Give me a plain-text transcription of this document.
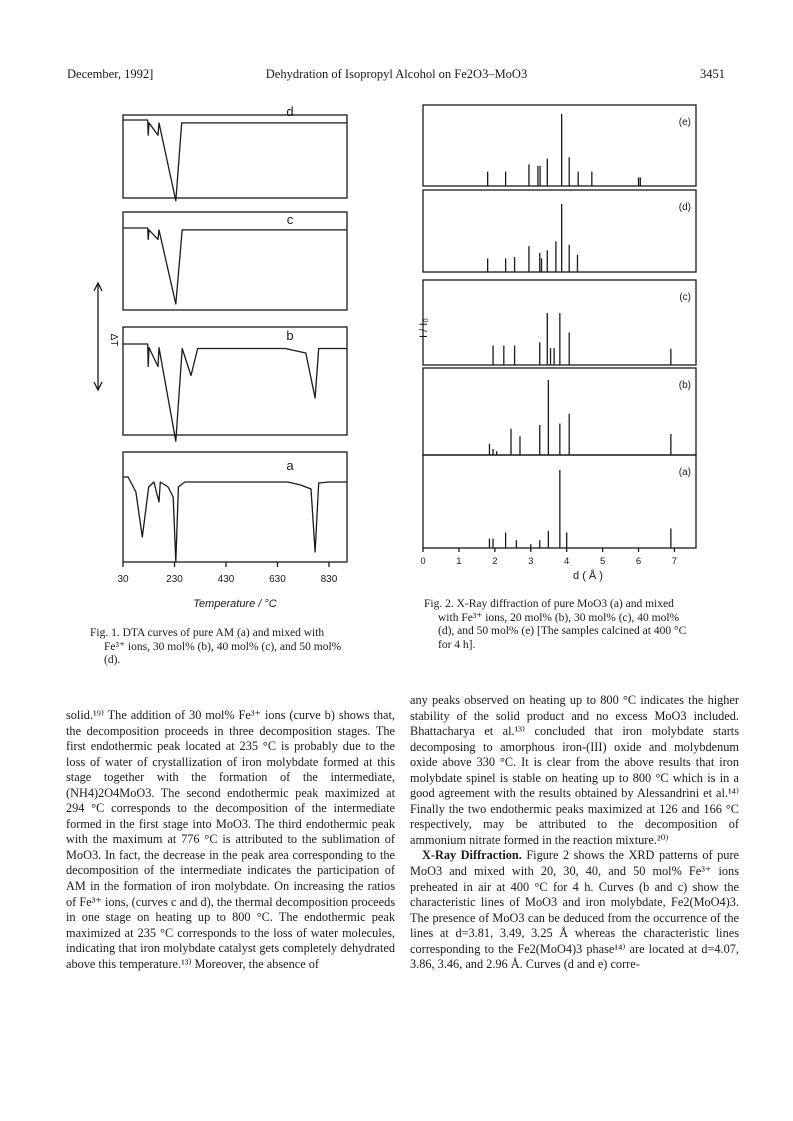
December, 1992]	Dehydration of Isopropyl Alcohol on Fe2O3–MoO3	3451
a
b
c
d
30	230	430	630	830
Temperature / °C
ΔT
Fig. 1. DTA curves of pure AM (a) and mixed with
Fe³⁺ ions, 30 mol% (b), 40 mol% (c), and 50 mol%
(d).
(e)
(d)
(c)
(b)
(a)
0	1	2	3	4	5	6	7
d ( Å )
I / I₀
Fig. 2. X-Ray diffraction of pure MoO3 (a) and mixed
with Fe³⁺ ions, 20 mol% (b), 30 mol% (c), 40 mol%
(d), and 50 mol% (e) [The samples calcined at 400 °C
for 4 h].

solid.¹⁹⁾ The addition of 30 mol% Fe³⁺ ions (curve b) shows that, the decomposition proceeds in three decomposition stages. The first endothermic peak located at 235 °C is probably due to the loss of water of crystallization of iron molybdate formed at this stage together with the formation of the intermediate, (NH4)2O4MoO3. The second endothermic peak maximized at 294 °C corresponds to the decomposition of the intermediate formed in the first stage into MoO3. The third endothermic peak with the maximum at 776 °C is attributed to the sublimation of MoO3. In fact, the decrease in the peak area corresponding to the decomposition of the intermediate indicates the participation of AM in the formation of iron molybdate. On increasing the ratios of Fe³⁺ ions, (curves c and d), the thermal decomposition proceeds in one stage on heating up to 800 °C. The endothermic peak maximized at 235 °C corresponds to the loss of water molecules, indicating that iron molybdate catalyst gets completely dehydrated above this temperature.¹³⁾ Moreover, the absence of

any peaks observed on heating up to 800 °C indicates the higher stability of the solid product and no excess MoO3 included. Bhattacharya et al.¹³⁾ concluded that iron molybdate starts decomposing to amorphous iron-(III) oxide and molybdenum oxide above 330 °C. It is clear from the above results that iron molybdate spinel is stable on heating up to 800 °C which is in a good agreement with the results obtained by Alessandrini et al.¹⁴⁾ Finally the two endothermic peaks maximized at 126 and 166 °C respectively, may be attributed to the decomposition of ammonium nitrate formed in the reaction mixture.²⁰⁾

X-Ray Diffraction. Figure 2 shows the XRD patterns of pure MoO3 and mixed with 20, 30, 40, and 50 mol% Fe³⁺ ions preheated in air at 400 °C for 4 h. Curves (b and c) show the characteristic lines of MoO3 and iron molybdate, Fe2(MoO4)3. The presence of MoO3 can be deduced from the occurrence of the lines at d=3.81, 3.49, 3.25 Å whereas the characteristic lines corresponding to the Fe2(MoO4)3 phase¹⁴⁾ are located at d=4.07, 3.86, 3.46, and 2.96 Å. Curves (d and e) corre-
